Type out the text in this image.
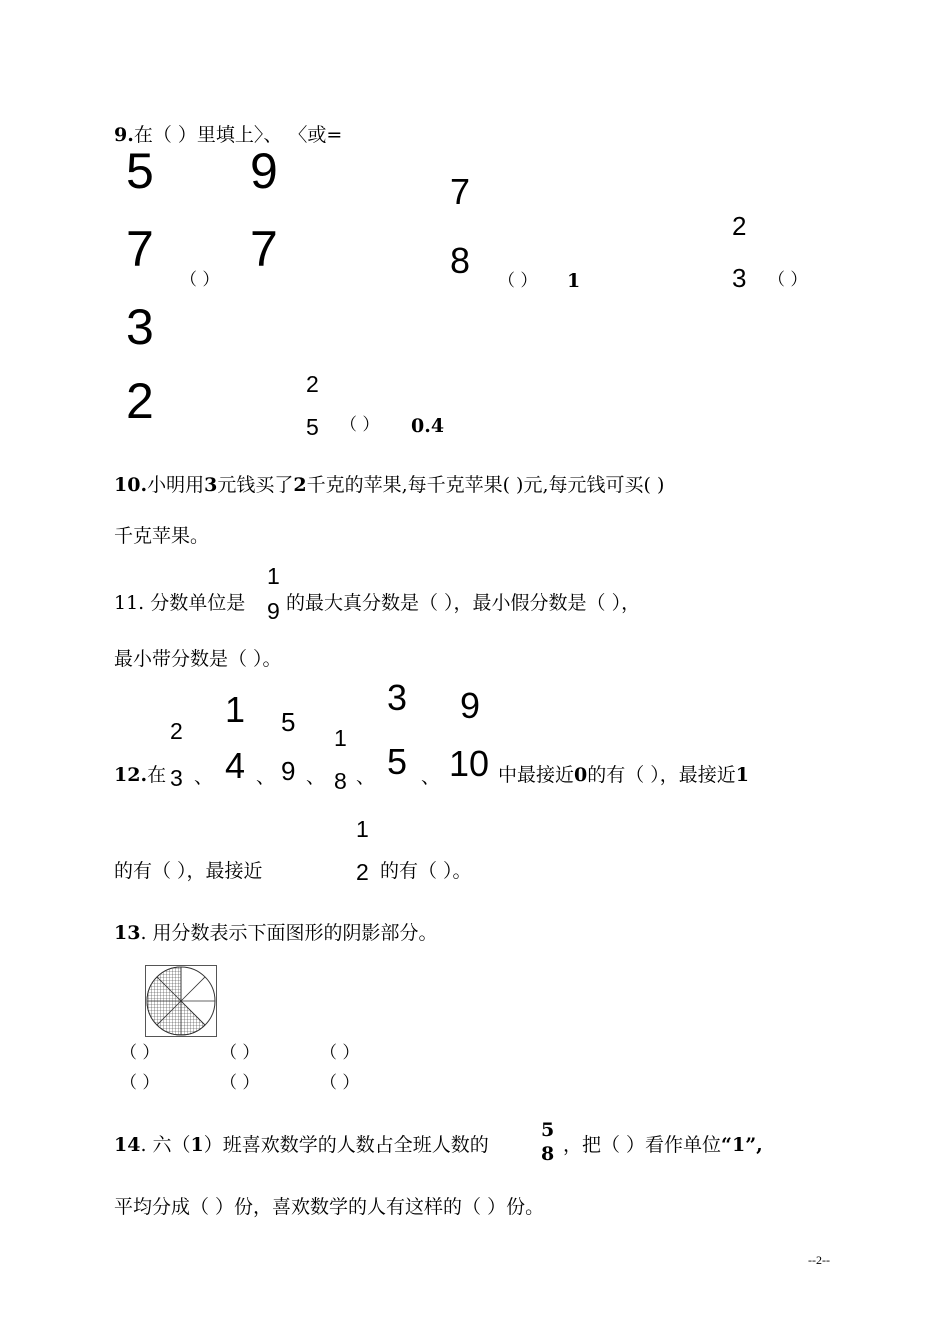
9.在（ ）里填上〉、 〈或=
5
7
（ ）
9
7
7
8 （ ） 1
2
3 （ ）
3
2	2
5 （ ） 0.4
10.小明用3元钱买了2千克的苹果,每千克苹果( )元,每元钱可买( )
千克苹果。
11. 分数单位是
1
9 的最大真分数是（ ），最小假分数是（ ），
最小带分数是（ ）。
12.在
2
3 、
1
4 、
5
9 、
1
8 、
3
5 、
9
10 中最接近0的有（ ），最接近1
的有（ ），最接近
1
2 的有（ ）。
13. 用分数表示下面图形的阴影部分。
（ ）	（ ）	（ ）
（ ）	（ ）	（ ）
14. 六（1）班喜欢数学的人数占全班人数的
5
8 ，把（ ）看作单位“1”,
平均分成（ ）份，喜欢数学的人有这样的（ ）份。
--2--
